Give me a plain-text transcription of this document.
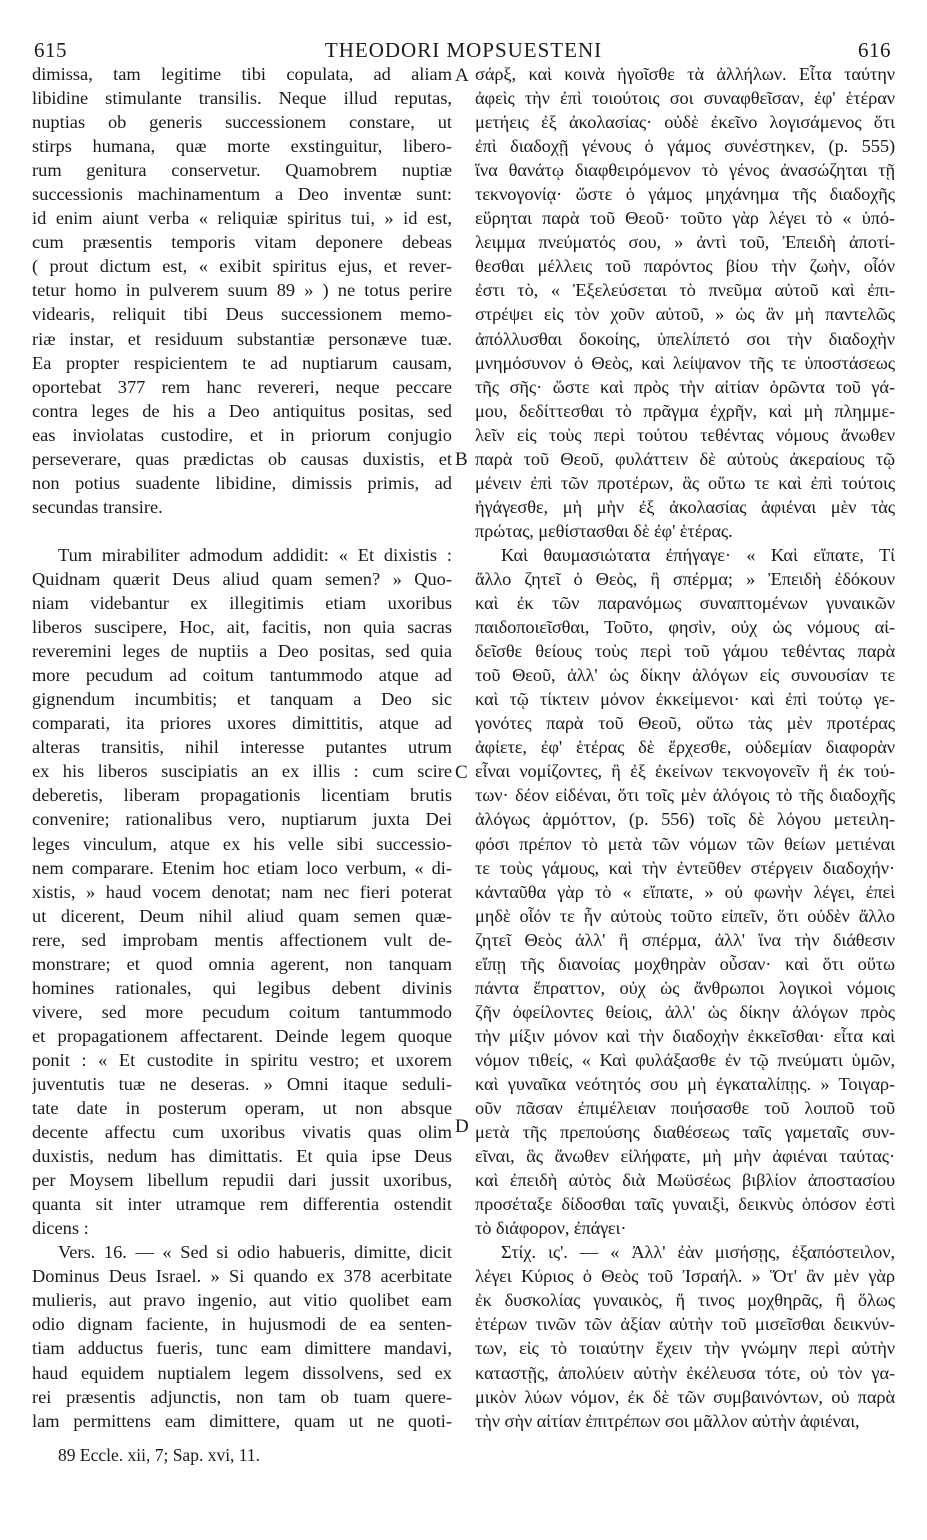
615	THEODORI MOPSUESTENI	616
dimissa, tam legitime tibi copulata, ad aliam
libidine stimulante transilis. Neque illud reputas,
nuptias ob generis successionem constare, ut
stirps humana, quæ morte exstinguitur, libero-
rum genitura conservetur. Quamobrem nuptiæ
successionis machinamentum a Deo inventæ sunt:
id enim aiunt verba « reliquiæ spiritus tui, » id est,
cum præsentis temporis vitam deponere debeas
( prout dictum est, « exibit spiritus ejus, et rever-
tetur homo in pulverem suum 89 » ) ne totus perire
videaris, reliquit tibi Deus successionem memo-
riæ instar, et residuum substantiæ personæve tuæ.
Ea propter respicientem te ad nuptiarum causam,
oportebat 377 rem hanc revereri, neque peccare
contra leges de his a Deo antiquitus positas, sed
eas inviolatas custodire, et in priorum conjugio
perseverare, quas prædictas ob causas duxistis, et
non potius suadente libidine, dimissis primis, ad
secundas transire.
Tum mirabiliter admodum addidit: « Et dixistis :
Quidnam quærit Deus aliud quam semen? » Quo-
niam videbantur ex illegitimis etiam uxoribus
liberos suscipere, Hoc, ait, facitis, non quia sacras
reveremini leges de nuptiis a Deo positas, sed quia
more pecudum ad coitum tantummodo atque ad
gignendum incumbitis; et tanquam a Deo sic
comparati, ita priores uxores dimittitis, atque ad
alteras transitis, nihil interesse putantes utrum
ex his liberos suscipiatis an ex illis : cum scire
deberetis, liberam propagationis licentiam brutis
convenire; rationalibus vero, nuptiarum juxta Dei
leges vinculum, atque ex his velle sibi successio-
nem comparare. Etenim hoc etiam loco verbum, « di-
xistis, » haud vocem denotat; nam nec fieri poterat
ut dicerent, Deum nihil aliud quam semen quæ-
rere, sed improbam mentis affectionem vult de-
monstrare; et quod omnia agerent, non tanquam
homines rationales, qui legibus debent divinis
vivere, sed more pecudum coitum tantummodo
et propagationem affectarent. Deinde legem quoque
ponit : « Et custodite in spiritu vestro; et uxorem
juventutis tuæ ne deseras. » Omni itaque seduli-
tate date in posterum operam, ut non absque
decente affectu cum uxoribus vivatis quas olim
duxistis, nedum has dimittatis. Et quia ipse Deus
per Moysem libellum repudii dari jussit uxoribus,
quanta sit inter utramque rem differentia ostendit
dicens :
Vers. 16. — « Sed si odio habueris, dimitte, dicit
Dominus Deus Israel. » Si quando ex 378 acerbitate
mulieris, aut pravo ingenio, aut vitio quolibet eam
odio dignam faciente, in hujusmodi de ea senten-
tiam adductus fueris, tunc eam dimittere mandavi,
haud equidem nuptialem legem dissolvens, sed ex
rei præsentis adjunctis, non tam ob tuam quere-
lam permittens eam dimittere, quam ut ne quoti-
σάρξ, καὶ κοινὰ ἡγοῖσθε τὰ ἀλλήλων. Εἶτα ταύτην
ἀφεὶς τὴν ἐπὶ τοιούτοις σοι συναφθεῖσαν, ἐφ' ἑτέραν
μετήεις ἐξ ἀκολασίας· οὐδὲ ἐκεῖνο λογισάμενος ὅτι
ἐπὶ διαδοχῇ γένους ὁ γάμος συνέστηκεν, (p. 555)
ἵνα θανάτῳ διαφθειρόμενον τὸ γένος ἀνασώζηται τῇ
τεκνογονίᾳ· ὥστε ὁ γάμος μηχάνημα τῆς διαδοχῆς
εὕρηται παρὰ τοῦ Θεοῦ· τοῦτο γὰρ λέγει τὸ « ὑπό-
λειμμα πνεύματός σου, » ἀντὶ τοῦ, Ἐπειδὴ ἀποτί-
θεσθαι μέλλεις τοῦ παρόντος βίου τὴν ζωὴν, οἷόν
ἐστι τὸ, « Ἐξελεύσεται τὸ πνεῦμα αὐτοῦ καὶ ἐπι-
στρέψει εἰς τὸν χοῦν αὐτοῦ, » ὡς ἂν μὴ παντελῶς
ἀπόλλυσθαι δοκοίης, ὑπελίπετό σοι τὴν διαδοχὴν
μνημόσυνον ὁ Θεὸς, καὶ λείψανον τῆς τε ὑποστάσεως
τῆς σῆς· ὥστε καὶ πρὸς τὴν αἰτίαν ὁρῶντα τοῦ γά-
μου, δεδίττεσθαι τὸ πρᾶγμα ἐχρῆν, καὶ μὴ πλημμε-
λεῖν εἰς τοὺς περὶ τούτου τεθέντας νόμους ἄνωθεν
παρὰ τοῦ Θεοῦ, φυλάττειν δὲ αὐτοὺς ἀκεραίους τῷ
μένειν ἐπὶ τῶν προτέρων, ἃς οὕτω τε καὶ ἐπὶ τούτοις
ἠγάγεσθε, μὴ μὴν ἐξ ἀκολασίας ἀφιέναι μὲν τὰς
πρώτας, μεθίστασθαι δὲ ἐφ' ἑτέρας.
Καὶ θαυμασιώτατα ἐπήγαγε· « Καὶ εἴπατε, Τί
ἄλλο ζητεῖ ὁ Θεὸς, ἢ σπέρμα; » Ἐπειδὴ ἐδόκουν
καὶ ἐκ τῶν παρανόμως συναπτομένων γυναικῶν
παιδοποιεῖσθαι, Τοῦτο, φησὶν, οὐχ ὡς νόμους αἰ-
δεῖσθε θείους τοὺς περὶ τοῦ γάμου τεθέντας παρὰ
τοῦ Θεοῦ, ἀλλ' ὡς δίκην ἀλόγων εἰς συνουσίαν τε
καὶ τῷ τίκτειν μόνον ἐκκείμενοι· καὶ ἐπὶ τούτῳ γε-
γονότες παρὰ τοῦ Θεοῦ, οὕτω τὰς μὲν προτέρας
ἀφίετε, ἐφ' ἑτέρας δὲ ἔρχεσθε, οὐδεμίαν διαφορὰν
εἶναι νομίζοντες, ἢ ἐξ ἐκείνων τεκνογονεῖν ἢ ἐκ τού-
των· δέον εἰδέναι, ὅτι τοῖς μὲν ἀλόγοις τὸ τῆς διαδοχῆς
ἀλόγως ἁρμόττον, (p. 556) τοῖς δὲ λόγου μετειλη-
φόσι πρέπον τὸ μετὰ τῶν νόμων τῶν θείων μετιέναι
τε τοὺς γάμους, καὶ τὴν ἐντεῦθεν στέργειν διαδοχήν·
κἀνταῦθα γὰρ τὸ « εἴπατε, » οὐ φωνὴν λέγει, ἐπεὶ
μηδὲ οἷόν τε ἦν αὐτοὺς τοῦτο εἰπεῖν, ὅτι οὐδὲν ἄλλο
ζητεῖ Θεὸς ἀλλ' ἢ σπέρμα, ἀλλ' ἵνα τὴν διάθεσιν
εἴπῃ τῆς διανοίας μοχθηρὰν οὖσαν· καὶ ὅτι οὕτω
πάντα ἔπραττον, οὐχ ὡς ἄνθρωποι λογικοὶ νόμοις
ζῆν ὀφείλοντες θείοις, ἀλλ' ὡς δίκην ἀλόγων πρὸς
τὴν μίξιν μόνον καὶ τὴν διαδοχὴν ἐκκεῖσθαι· εἶτα καὶ
νόμον τιθείς, « Καὶ φυλάξασθε ἐν τῷ πνεύματι ὑμῶν,
καὶ γυναῖκα νεότητός σου μὴ ἐγκαταλίπῃς. » Τοιγαρ-
οῦν πᾶσαν ἐπιμέλειαν ποιήσασθε τοῦ λοιποῦ τοῦ
μετὰ τῆς πρεπούσης διαθέσεως ταῖς γαμεταῖς συν-
εῖναι, ἃς ἄνωθεν εἰλήφατε, μὴ μὴν ἀφιέναι ταύτας·
καὶ ἐπειδὴ αὐτὸς διὰ Μωϋσέως βιβλίον ἀποστασίου
προσέταξε δίδοσθαι ταῖς γυναιξὶ, δεικνὺς ὁπόσον ἐστὶ
τὸ διάφορον, ἐπάγει·
Στίχ. ις'. — « Ἀλλ' ἐὰν μισήσῃς, ἐξαπόστειλον,
λέγει Κύριος ὁ Θεὸς τοῦ Ἰσραήλ. » Ὅτ' ἂν μὲν γὰρ
ἐκ δυσκολίας γυναικὸς, ἤ τινος μοχθηρᾶς, ἢ ὅλως
ἑτέρων τινῶν τῶν ἀξίαν αὐτὴν τοῦ μισεῖσθαι δεικνύν-
των, εἰς τὸ τοιαύτην ἔχειν τὴν γνώμην περὶ αὐτὴν
καταστῇς, ἀπολύειν αὐτὴν ἐκέλευσα τότε, οὐ τὸν γα-
μικὸν λύων νόμον, ἐκ δὲ τῶν συμβαινόντων, οὐ παρὰ
τὴν σὴν αἰτίαν ἐπιτρέπων σοι μᾶλλον αὐτὴν ἀφιέναι,
A
B
C
D
89 Eccle. xii, 7; Sap. xvi, 11.
